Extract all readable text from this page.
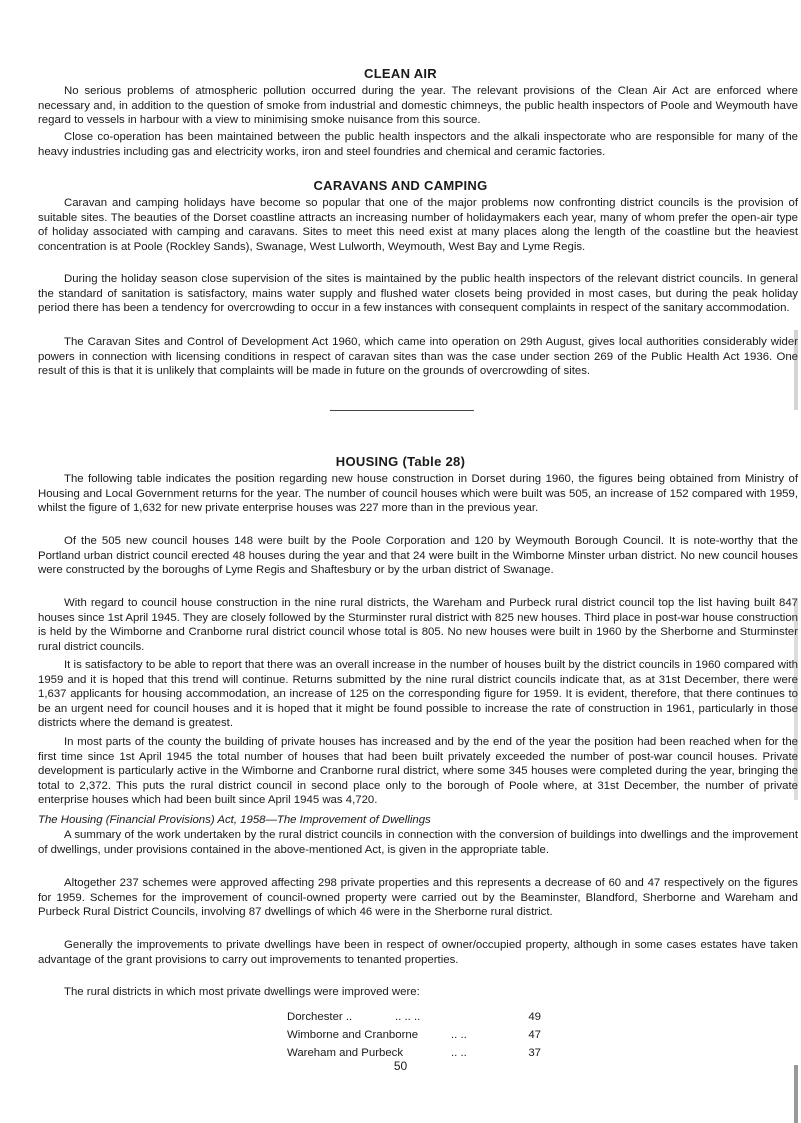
CLEAN AIR

No serious problems of atmospheric pollution occurred during the year. The relevant provisions of the Clean Air Act are enforced where necessary and, in addition to the question of smoke from industrial and domestic chimneys, the public health inspectors of Poole and Weymouth have regard to vessels in harbour with a view to minimising smoke nuisance from this source.

Close co-operation has been maintained between the public health inspectors and the alkali inspectorate who are responsible for many of the heavy industries including gas and electricity works, iron and steel foundries and chemical and ceramic factories.

CARAVANS AND CAMPING

Caravan and camping holidays have become so popular that one of the major problems now confronting district councils is the provision of suitable sites. The beauties of the Dorset coastline attracts an increasing number of holidaymakers each year, many of whom prefer the open-air type of holiday associated with camping and caravans. Sites to meet this need exist at many places along the length of the coastline but the heaviest concentration is at Poole (Rockley Sands), Swanage, West Lulworth, Weymouth, West Bay and Lyme Regis.

During the holiday season close supervision of the sites is maintained by the public health inspectors of the relevant district councils. In general the standard of sanitation is satisfactory, mains water supply and flushed water closets being provided in most cases, but during the peak holiday period there has been a tendency for overcrowding to occur in a few instances with consequent complaints in respect of the sanitary accommodation.

The Caravan Sites and Control of Development Act 1960, which came into operation on 29th August, gives local authorities considerably wider powers in connection with licensing conditions in respect of caravan sites than was the case under section 269 of the Public Health Act 1936. One result of this is that it is unlikely that complaints will be made in future on the grounds of overcrowding of sites.

HOUSING (Table 28)

The following table indicates the position regarding new house construction in Dorset during 1960, the figures being obtained from Ministry of Housing and Local Government returns for the year. The number of council houses which were built was 505, an increase of 152 compared with 1959, whilst the figure of 1,632 for new private enterprise houses was 227 more than in the previous year.

Of the 505 new council houses 148 were built by the Poole Corporation and 120 by Weymouth Borough Council. It is note-worthy that the Portland urban district council erected 48 houses during the year and that 24 were built in the Wimborne Minster urban district. No new council houses were constructed by the boroughs of Lyme Regis and Shaftesbury or by the urban district of Swanage.

With regard to council house construction in the nine rural districts, the Wareham and Purbeck rural district council top the list having built 847 houses since 1st April 1945. They are closely followed by the Sturminster rural district with 825 new houses. Third place in post-war house construction is held by the Wimborne and Cranborne rural district council whose total is 805. No new houses were built in 1960 by the Sherborne and Sturminster rural district councils.

It is satisfactory to be able to report that there was an overall increase in the number of houses built by the district councils in 1960 compared with 1959 and it is hoped that this trend will continue. Returns submitted by the nine rural district councils indicate that, as at 31st December, there were 1,637 applicants for housing accommodation, an increase of 125 on the corresponding figure for 1959. It is evident, therefore, that there continues to be an urgent need for council houses and it is hoped that it might be found possible to increase the rate of construction in 1961, particularly in those districts where the demand is greatest.

In most parts of the county the building of private houses has increased and by the end of the year the position had been reached when for the first time since 1st April 1945 the total number of houses that had been built privately exceeded the number of post-war council houses. Private development is particularly active in the Wimborne and Cranborne rural district, where some 345 houses were completed during the year, bringing the total to 2,372. This puts the rural district council in second place only to the borough of Poole where, at 31st December, the number of private enterprise houses which had been built since April 1945 was 4,720.

The Housing (Financial Provisions) Act, 1958—The Improvement of Dwellings

A summary of the work undertaken by the rural district councils in connection with the conversion of buildings into dwellings and the improvement of dwellings, under provisions contained in the above-mentioned Act, is given in the appropriate table.

Altogether 237 schemes were approved affecting 298 private properties and this represents a decrease of 60 and 47 respectively on the figures for 1959. Schemes for the improvement of council-owned property were carried out by the Beaminster, Blandford, Sherborne and Wareham and Purbeck Rural District Councils, involving 87 dwellings of which 46 were in the Sherborne rural district.

Generally the improvements to private dwellings have been in respect of owner/occupied property, although in some cases estates have taken advantage of the grant provisions to carry out improvements to tenanted properties.

The rural districts in which most private dwellings were improved were:

Dorchester ..	.. .. ..	49
Wimborne and Cranborne	.. ..	47
Wareham and Purbeck	.. ..	37
50
